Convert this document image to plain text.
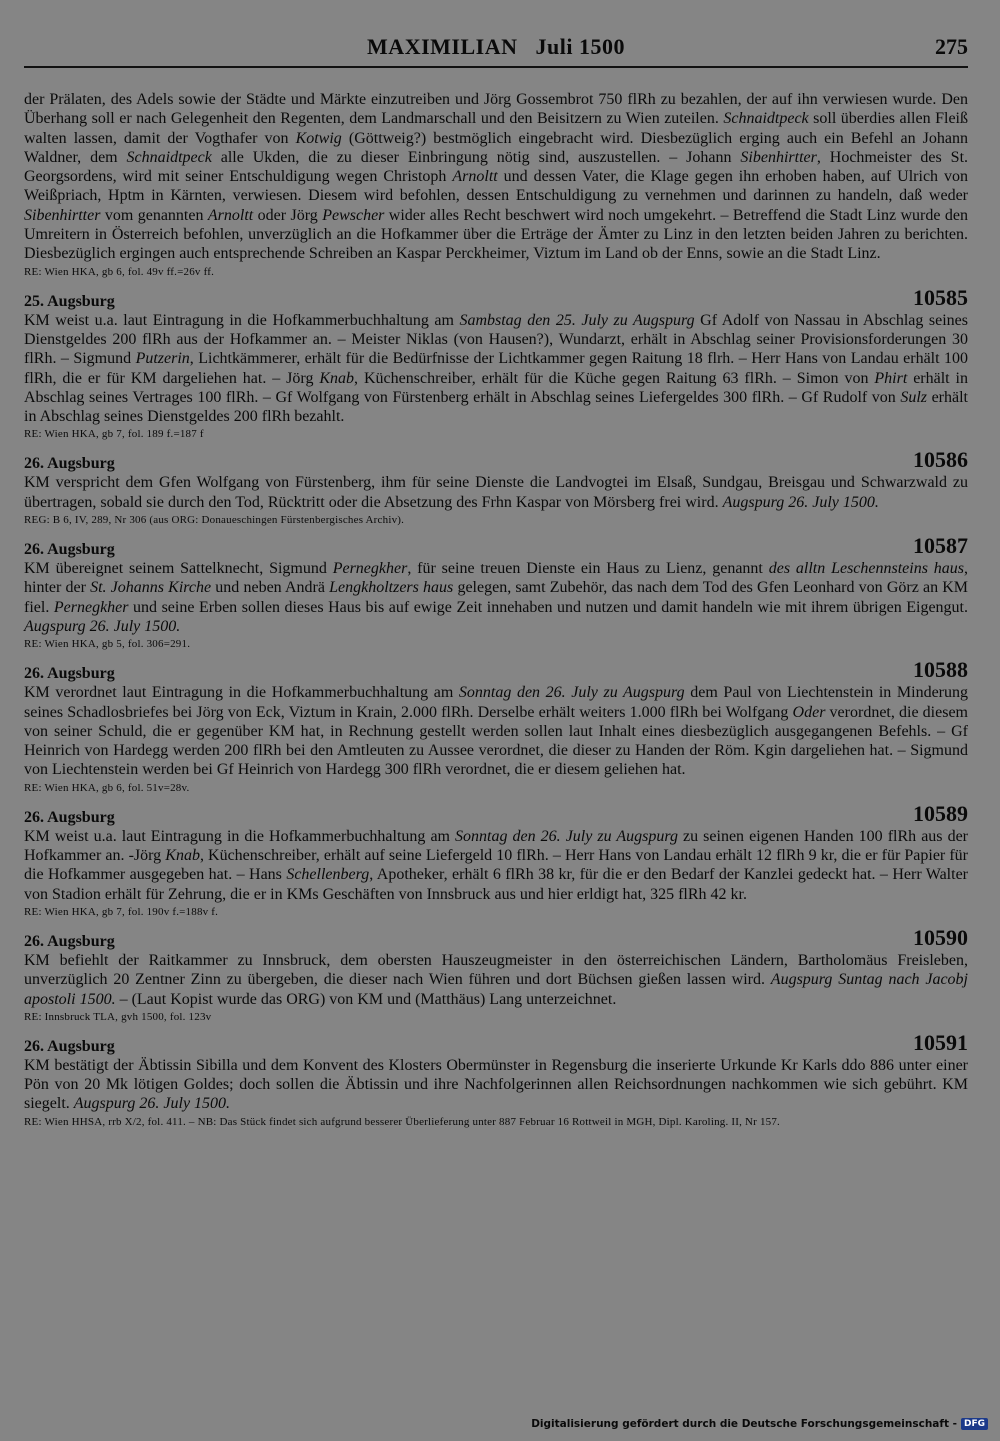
MAXIMILIAN   Juli 1500	275

der Prälaten, des Adels sowie der Städte und Märkte einzutreiben und Jörg Gossembrot 750 flRh zu bezahlen, der auf ihn verwiesen wurde. Den Überhang soll er nach Gelegenheit den Regenten, dem Landmarschall und den Beisitzern zu Wien zuteilen. Schnaidtpeck soll überdies allen Fleiß walten lassen, damit der Vogthafer von Kotwig (Göttweig?) bestmöglich eingebracht wird. Diesbezüglich erging auch ein Befehl an Johann Waldner, dem Schnaidtpeck alle Ukden, die zu dieser Einbringung nötig sind, auszustellen. – Johann Sibenhirtter, Hochmeister des St. Georgsordens, wird mit seiner Entschuldigung wegen Christoph Arnoltt und dessen Vater, die Klage gegen ihn erhoben haben, auf Ulrich von Weißpriach, Hptm in Kärnten, verwiesen. Diesem wird befohlen, dessen Entschuldigung zu vernehmen und darinnen zu handeln, daß weder Sibenhirtter vom genannten Arnoltt oder Jörg Pewscher wider alles Recht beschwert wird noch umgekehrt. – Betreffend die Stadt Linz wurde den Umreitern in Österreich befohlen, unverzüglich an die Hofkammer über die Erträge der Ämter zu Linz in den letzten beiden Jahren zu berichten. Diesbezüglich ergingen auch entsprechende Schreiben an Kaspar Perckheimer, Viztum im Land ob der Enns, sowie an die Stadt Linz.

RE: Wien HKA, gb 6, fol. 49v ff.=26v ff.

25. Augsburg	10585

KM weist u.a. laut Eintragung in die Hofkammerbuchhaltung am Sambstag den 25. July zu Augspurg Gf Adolf von Nassau in Abschlag seines Dienstgeldes 200 flRh aus der Hofkammer an. – Meister Niklas (von Hausen?), Wundarzt, erhält in Abschlag seiner Provisionsforderungen 30 flRh. – Sigmund Putzerin, Lichtkämmerer, erhält für die Bedürfnisse der Lichtkammer gegen Raitung 18 flrh. – Herr Hans von Landau erhält 100 flRh, die er für KM dargeliehen hat. – Jörg Knab, Küchenschreiber, erhält für die Küche gegen Raitung 63 flRh. – Simon von Phirt erhält in Abschlag seines Vertrages 100 flRh. – Gf Wolfgang von Fürstenberg erhält in Abschlag seines Liefergeldes 300 flRh. – Gf Rudolf von Sulz erhält in Abschlag seines Dienstgeldes 200 flRh bezahlt.

RE: Wien HKA, gb 7, fol. 189 f.=187 f

26. Augsburg	10586

KM verspricht dem Gfen Wolfgang von Fürstenberg, ihm für seine Dienste die Landvogtei im Elsaß, Sundgau, Breisgau und Schwarzwald zu übertragen, sobald sie durch den Tod, Rücktritt oder die Absetzung des Frhn Kaspar von Mörsberg frei wird. Augspurg 26. July 1500.

REG: B 6, IV, 289, Nr 306 (aus ORG: Donaueschingen Fürstenbergisches Archiv).

26. Augsburg	10587

KM übereignet seinem Sattelknecht, Sigmund Pernegkher, für seine treuen Dienste ein Haus zu Lienz, genannt des alltn Leschennsteins haus, hinter der St. Johanns Kirche und neben Andrä Lengkholtzers haus gelegen, samt Zubehör, das nach dem Tod des Gfen Leonhard von Görz an KM fiel. Pernegkher und seine Erben sollen dieses Haus bis auf ewige Zeit innehaben und nutzen und damit handeln wie mit ihrem übrigen Eigengut. Augspurg 26. July 1500.

RE: Wien HKA, gb 5, fol. 306=291.

26. Augsburg	10588

KM verordnet laut Eintragung in die Hofkammerbuchhaltung am Sonntag den 26. July zu Augspurg dem Paul von Liechtenstein in Minderung seines Schadlosbriefes bei Jörg von Eck, Viztum in Krain, 2.000 flRh. Derselbe erhält weiters 1.000 flRh bei Wolfgang Oder verordnet, die diesem von seiner Schuld, die er gegenüber KM hat, in Rechnung gestellt werden sollen laut Inhalt eines diesbezüglich ausgegangenen Befehls. – Gf Heinrich von Hardegg werden 200 flRh bei den Amtleuten zu Aussee verordnet, die dieser zu Handen der Röm. Kgin dargeliehen hat. – Sigmund von Liechtenstein werden bei Gf Heinrich von Hardegg 300 flRh verordnet, die er diesem geliehen hat.

RE: Wien HKA, gb 6, fol. 51v=28v.

26. Augsburg	10589

KM weist u.a. laut Eintragung in die Hofkammerbuchhaltung am Sonntag den 26. July zu Augspurg zu seinen eigenen Handen 100 flRh aus der Hofkammer an. -Jörg Knab, Küchenschreiber, erhält auf seine Liefergeld 10 flRh. – Herr Hans von Landau erhält 12 flRh 9 kr, die er für Papier für die Hofkammer ausgegeben hat. – Hans Schellenberg, Apotheker, erhält 6 flRh 38 kr, für die er den Bedarf der Kanzlei gedeckt hat. – Herr Walter von Stadion erhält für Zehrung, die er in KMs Geschäften von Innsbruck aus und hier erldigt hat, 325 flRh 42 kr.

RE: Wien HKA, gb 7, fol. 190v f.=188v f.

26. Augsburg	10590

KM befiehlt der Raitkammer zu Innsbruck, dem obersten Hauszeugmeister in den österreichischen Ländern, Bartholomäus Freisleben, unverzüglich 20 Zentner Zinn zu übergeben, die dieser nach Wien führen und dort Büchsen gießen lassen wird. Augspurg Suntag nach Jacobj apostoli 1500. – (Laut Kopist wurde das ORG) von KM und (Matthäus) Lang unterzeichnet.

RE: Innsbruck TLA, gvh 1500, fol. 123v

26. Augsburg	10591

KM bestätigt der Äbtissin Sibilla und dem Konvent des Klosters Obermünster in Regensburg die inserierte Urkunde Kr Karls ddo 886 unter einer Pön von 20 Mk lötigen Goldes; doch sollen die Äbtissin und ihre Nachfolgerinnen allen Reichsordnungen nachkommen wie sich gebührt. KM siegelt. Augspurg 26. July 1500.

RE: Wien HHSA, rrb X/2, fol. 411. – NB: Das Stück findet sich aufgrund besserer Überlieferung unter 887 Februar 16 Rottweil in MGH, Dipl. Karoling. II, Nr 157.

Digitalisierung gefördert durch die Deutsche Forschungsgemeinschaft - DFG
